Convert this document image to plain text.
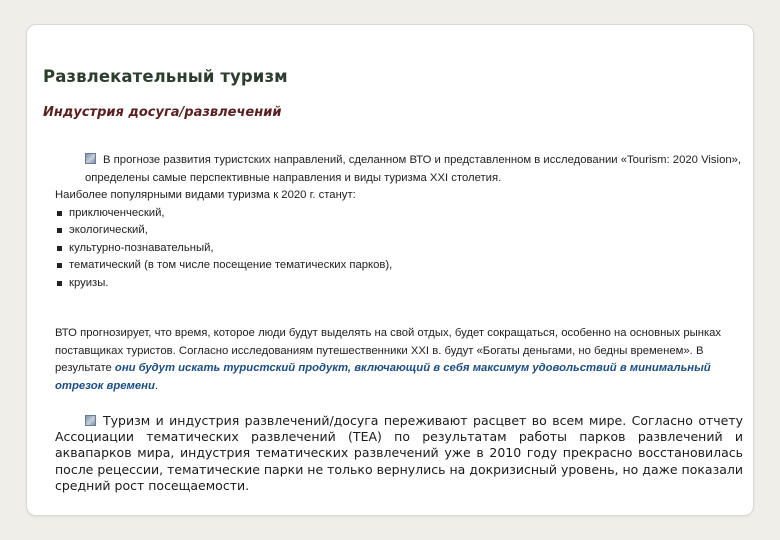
Развлекательный туризм
Индустрия досуга/развлечений
В прогнозе развития туристских направлений, сделанном ВТО и представленном в исследовании «Tourism: 2020 Vision», определены самые перспективные направления и виды туризма XXI столетия.
Наиболее популярными видами туризма к 2020 г. станут:
приключенческий,
экологический,
культурно-познавательный,
тематический (в том числе посещение тематических парков),
круизы.
ВТО прогнозирует, что время, которое люди будут выделять на свой отдых, будет сокращаться, особенно на основных рынках поставщиках туристов. Согласно исследованиям путешественники XXI в. будут «Богаты деньгами, но бедны временем». В результате они будут искать туристский продукт, включающий в себя максимум удовольствий в минимальный отрезок времени.
Туризм и индустрия развлечений/досуга переживают расцвет во всем мире. Согласно отчету Ассоциации тематических развлечений (TEA) по результатам работы парков развлечений и аквапарков мира, индустрия тематических развлечений уже в 2010 году прекрасно восстановилась после рецессии, тематические парки не только вернулись на докризисный уровень, но даже показали средний рост посещаемости.
